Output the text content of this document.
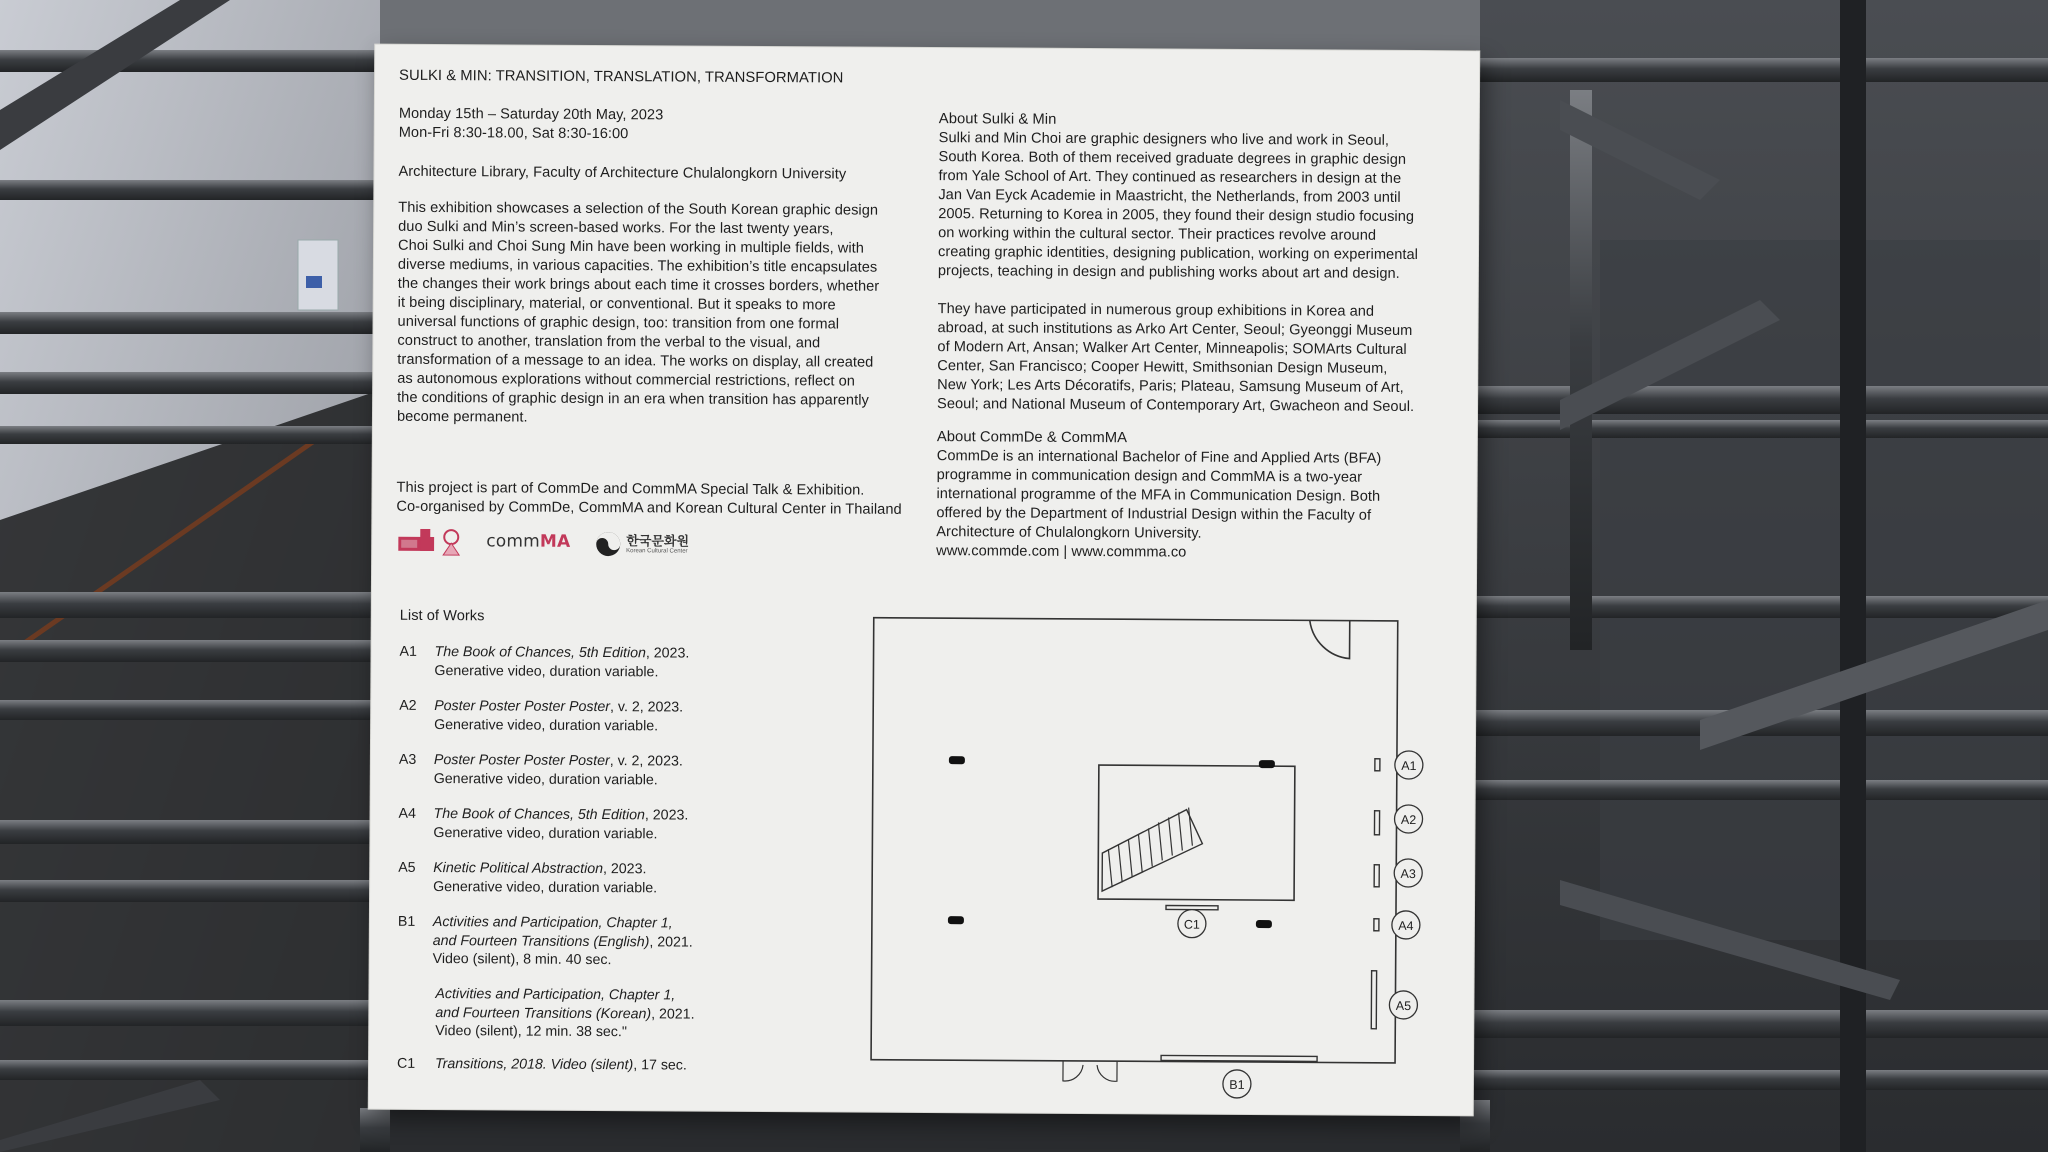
SULKI & MIN: TRANSITION, TRANSLATION, TRANSFORMATION

Monday 15th – Saturday 20th May, 2023
Mon-Fri 8:30-18.00, Sat 8:30-16:00

Architecture Library, Faculty of Architecture Chulalongkorn University

This exhibition showcases a selection of the South Korean graphic design
duo Sulki and Min’s screen-based works. For the last twenty years,
Choi Sulki and Choi Sung Min have been working in multiple fields, with
diverse mediums, in various capacities. The exhibition’s title encapsulates
the changes their work brings about each time it crosses borders, whether
it being disciplinary, material, or conventional. But it speaks to more
universal functions of graphic design, too: transition from one formal
construct to another, translation from the verbal to the visual, and
transformation of a message to an idea. The works on display, all created
as autonomous explorations without commercial restrictions, reflect on
the conditions of graphic design in an era when transition has apparently
become permanent.
This project is part of CommDe and CommMA Special Talk & Exhibition.
Co-organised by CommDe, CommMA and Korean Cultural Center in Thailand
commMA	한국문화원
Korean Cultural Center
About Sulki & Min
Sulki and Min Choi are graphic designers who live and work in Seoul,
South Korea. Both of them received graduate degrees in graphic design
from Yale School of Art. They continued as researchers in design at the
Jan Van Eyck Academie in Maastricht, the Netherlands, from 2003 until
2005. Returning to Korea in 2005, they found their design studio focusing
on working within the cultural sector. Their practices revolve around
creating graphic identities, designing publication, working on experimental
projects, teaching in design and publishing works about art and design.
They have participated in numerous group exhibitions in Korea and
abroad, at such institutions as Arko Art Center, Seoul; Gyeonggi Museum
of Modern Art, Ansan; Walker Art Center, Minneapolis; SOMArts Cultural
Center, San Francisco; Cooper Hewitt, Smithsonian Design Museum,
New York; Les Arts Décoratifs, Paris; Plateau, Samsung Museum of Art,
Seoul; and National Museum of Contemporary Art, Gwacheon and Seoul.
About CommDe & CommMA
CommDe is an international Bachelor of Fine and Applied Arts (BFA)
programme in communication design and CommMA is a two-year
international programme of the MFA in Communication Design. Both
offered by the Department of Industrial Design within the Faculty of
Architecture of Chulalongkorn University.
www.commde.com | www.commma.co

List of Works

A1	The Book of Chances, 5th Edition, 2023.
Generative video, duration variable.
A2	Poster Poster Poster Poster, v. 2, 2023.
Generative video, duration variable.
A3	Poster Poster Poster Poster, v. 2, 2023.
Generative video, duration variable.
A4	The Book of Chances, 5th Edition, 2023.
Generative video, duration variable.
A5	Kinetic Political Abstraction, 2023.
Generative video, duration variable.
B1	Activities and Participation, Chapter 1,
and Fourteen Transitions (English), 2021.
Video (silent), 8 min. 40 sec.
Activities and Participation, Chapter 1,
and Fourteen Transitions (Korean), 2021.
Video (silent), 12 min. 38 sec."
C1	Transitions, 2018. Video (silent), 17 sec.
A1
A2
A3
A4
A5
C1
B1
